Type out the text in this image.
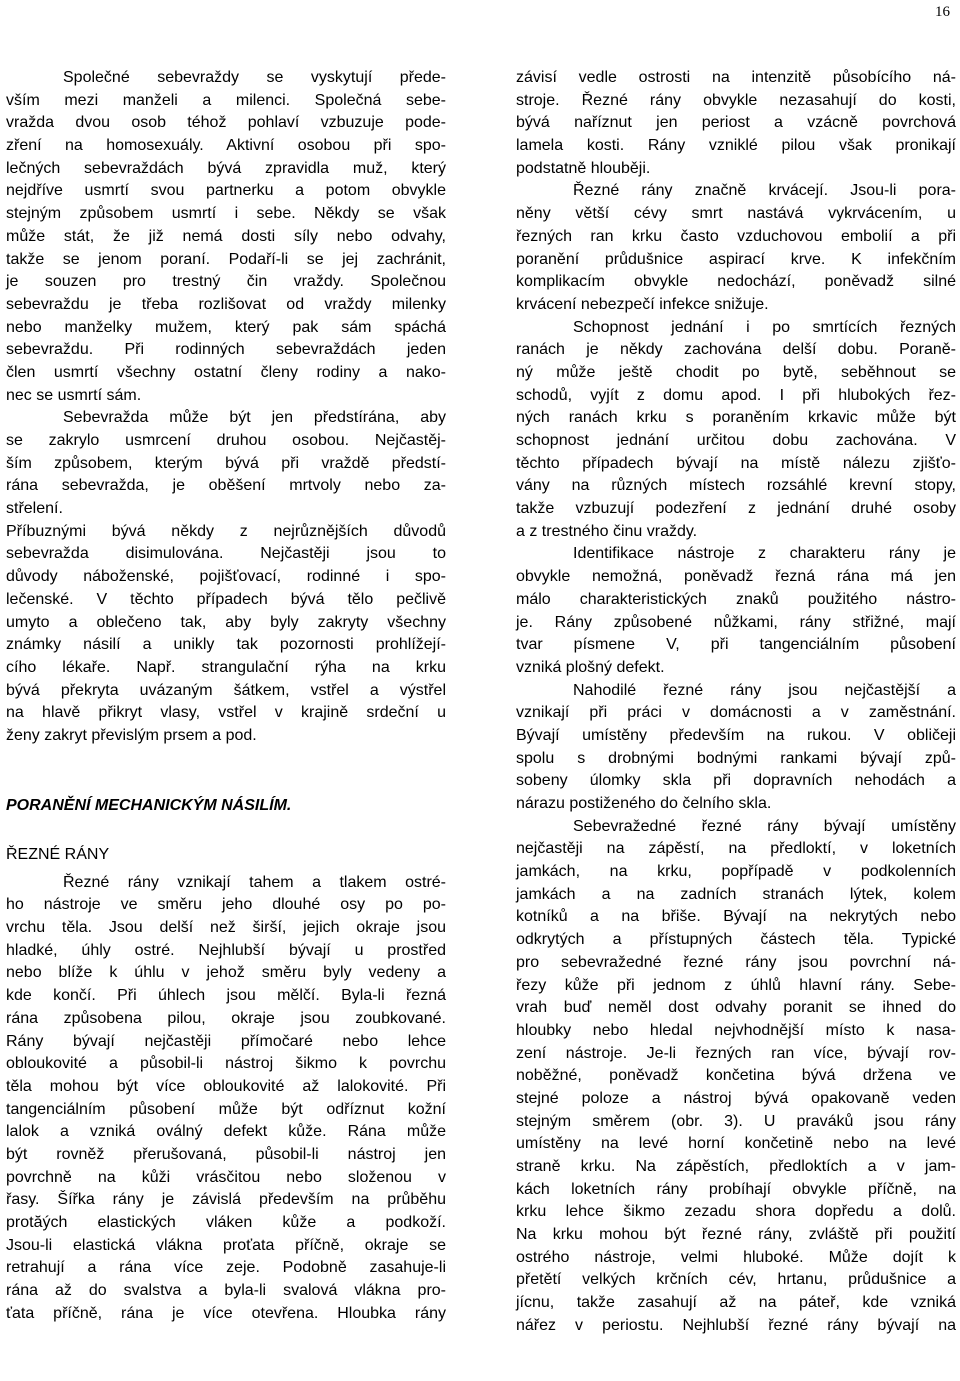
16
Společné sebevraždy se vyskytují přede-
vším mezi manželi a milenci. Společná sebe-
vražda dvou osob téhož pohlaví vzbuzuje pode-
zření na homosexuály. Aktivní osobou při spo-
lečných sebevraždách bývá zpravidla muž, který
nejdříve usmrtí svou partnerku a potom obvykle
stejným způsobem usmrtí i sebe. Někdy se však
může stát, že již nemá dosti síly nebo odvahy,
takže se jenom poraní. Podaří-li se jej zachránit,
je souzen pro trestný čin vraždy. Společnou
sebevraždu je třeba rozlišovat od vraždy milenky
nebo manželky mužem, který pak sám spáchá
sebevraždu. Při rodinných sebevraždách jeden
člen usmrtí všechny ostatní členy rodiny a nako-
nec se usmrtí sám.
Sebevražda může být jen předstírána, aby
se zakrylo usmrcení druhou osobou. Nejčastěj-
ším způsobem, kterým bývá při vraždě předstí-
rána sebevražda, je oběšení mrtvoly nebo za-
střelení.
Příbuznými bývá někdy z nejrůznějších důvodů
sebevražda disimulována. Nejčastěji jsou to
důvody náboženské, pojišťovací, rodinné i spo-
lečenské. V těchto případech bývá tělo pečlivě
umyto a oblečeno tak, aby byly zakryty všechny
známky násilí a unikly tak pozornosti prohlížejí-
cího lékaře. Např. strangulační rýha na krku
bývá překryta uvázaným šátkem, vstřel a výstřel
na hlavě přikryt vlasy, vstřel v krajině srdeční u
ženy zakryt převislým prsem a pod.
PORANĚNÍ MECHANICKÝM NÁSILÍM.
ŘEZNÉ RÁNY
Řezné rány vznikají tahem a tlakem ostré-
ho nástroje ve směru jeho dlouhé osy po po-
vrchu těla. Jsou delší než širší, jejich okraje jsou
hladké, úhly ostré. Nejhlubší bývají u prostřed
nebo blíže k úhlu v jehož směru byly vedeny a
kde končí. Při úhlech jsou mělčí. Byla-li řezná
rána způsobena pilou, okraje jsou zoubkované.
Rány bývají nejčastěji přímočaré nebo lehce
obloukovité a působil-li nástroj šikmo k povrchu
těla mohou být více obloukovité až lalokovité. Při
tangenciálním působení může být odříznut kožní
lalok a vzniká oválný defekt kůže. Rána může
být rovněž přerušovaná, působil-li nástroj jen
povrchně na kůži vrásčitou nebo složenou v
řasy. Šířka rány je závislá především na průběhu
protăých elastických vláken kůže a podkoží.
Jsou-li elastická vlákna proťata příčně, okraje se
retrahují a rána více zeje. Podobně zasahuje-li
rána až do svalstva a byla-li svalová vlákna pro-
ťata příčně, rána je více otevřena. Hloubka rány
závisí vedle ostrosti na intenzitě působícího ná-
stroje. Řezné rány obvykle nezasahují do kosti,
bývá naříznut jen periost a vzácně povrchová
lamela kosti. Rány vzniklé pilou však pronikají
podstatně hlouběji.
Řezné rány značně krvácejí. Jsou-li pora-
něny větší cévy smrt nastává vykrvácením, u
řezných ran krku často vzduchovou embolií a při
poranění průdušnice aspirací krve. K infekčním
komplikacím obvykle nedochází, poněvadž silné
krvácení nebezpečí infekce snižuje.
Schopnost jednání i po smrtících řezných
ranách je někdy zachována delší dobu. Poraně-
ný může ještě chodit po bytě, seběhnout se
schodů, vyjít z domu apod. I při hlubokých řez-
ných ranách krku s poraněním krkavic může být
schopnost jednání určitou dobu zachována. V
těchto případech bývají na místě nálezu zjišťo-
vány na různých místech rozsáhlé krevní stopy,
takže vzbuzují podezření z jednání druhé osoby
a z trestného činu vraždy.
Identifikace nástroje z charakteru rány je
obvykle nemožná, poněvadž řezná rána má jen
málo charakteristických znaků použitého nástro-
je. Rány způsobené nůžkami, rány střižné, mají
tvar písmene V, při tangenciálním působení
vzniká plošný defekt.
Nahodilé řezné rány jsou nejčastější a
vznikají při práci v domácnosti a v zaměstnání.
Bývají umístěny především na rukou. V obličeji
spolu s drobnými bodnými rankami bývají způ-
sobeny úlomky skla při dopravních nehodách a
nárazu postiženého do čelního skla.
Sebevražedné řezné rány bývají umístěny
nejčastěji na zápěstí, na předloktí, v loketních
jamkách, na krku, popřípadě v podkolenních
jamkách a na zadních stranách lýtek, kolem
kotníků a na břiše. Bývají na nekrytých nebo
odkrytých a přístupných částech těla. Typické
pro sebevražedné řezné rány jsou povrchní ná-
řezy kůže při jednom z úhlů hlavní rány. Sebe-
vrah buď neměl dost odvahy poranit se ihned do
hloubky nebo hledal nejvhodnější místo k nasa-
zení nástroje. Je-li řezných ran více, bývají rov-
noběžné, poněvadž končetina bývá držena ve
stejné poloze a nástroj bývá opakovaně veden
stejným směrem (obr. 3). U praváků jsou rány
umístěny na levé horní končetině nebo na levé
straně krku. Na zápěstích, předloktích a v jam-
kách loketních rány probíhají obvykle příčně, na
krku lehce šikmo zezadu shora dopředu a dolů.
Na krku mohou být řezné rány, zvláště při použití
ostrého nástroje, velmi hluboké. Může dojít k
přetětí velkých krčních cév, hrtanu, průdušnice a
jícnu, takže zasahují až na páteř, kde vzniká
nářez v periostu. Nejhlubší řezné rány bývají na
